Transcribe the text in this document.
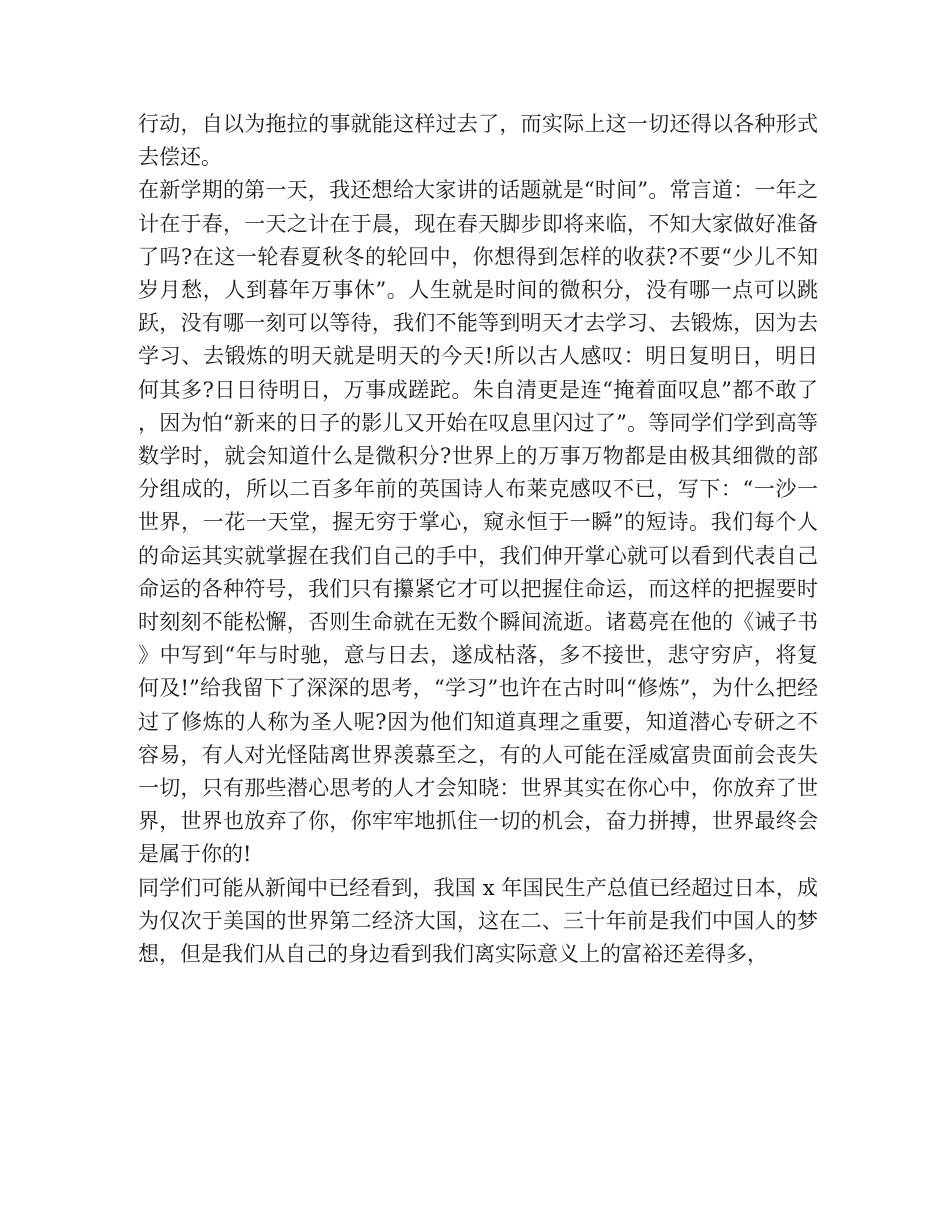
行动，自以为拖拉的事就能这样过去了，而实际上这一切还得以各种形式去偿还。

在新学期的第一天，我还想给大家讲的话题就是“时间”。常言道：一年之计在于春，一天之计在于晨，现在春天脚步即将来临，不知大家做好准备了吗?在这一轮春夏秋冬的轮回中，你想得到怎样的收获?不要“少儿不知岁月愁，人到暮年万事休”。人生就是时间的微积分，没有哪一点可以跳跃，没有哪一刻可以等待，我们不能等到明天才去学习、去锻炼，因为去学习、去锻炼的明天就是明天的今天!所以古人感叹：明日复明日，明日何其多?日日待明日，万事成蹉跎。朱自清更是连“掩着面叹息”都不敢了，因为怕“新来的日子的影儿又开始在叹息里闪过了”。等同学们学到高等数学时，就会知道什么是微积分?世界上的万事万物都是由极其细微的部分组成的，所以二百多年前的英国诗人布莱克感叹不已，写下：“一沙一世界，一花一天堂，握无穷于掌心，窥永恒于一瞬”的短诗。我们每个人的命运其实就掌握在我们自己的手中，我们伸开掌心就可以看到代表自己命运的各种符号，我们只有攥紧它才可以把握住命运，而这样的把握要时时刻刻不能松懈，否则生命就在无数个瞬间流逝。诸葛亮在他的《诫子书》中写到“年与时驰，意与日去，遂成枯落，多不接世，悲守穷庐，将复何及!”给我留下了深深的思考，“学习”也许在古时叫“修炼”，为什么把经过了修炼的人称为圣人呢?因为他们知道真理之重要，知道潜心专研之不容易，有人对光怪陆离世界羡慕至之，有的人可能在淫威富贵面前会丧失一切，只有那些潜心思考的人才会知晓：世界其实在你心中，你放弃了世界，世界也放弃了你，你牢牢地抓住一切的机会，奋力拼搏，世界最终会是属于你的!

同学们可能从新闻中已经看到，我国 x 年国民生产总值已经超过日本，成为仅次于美国的世界第二经济大国，这在二、三十年前是我们中国人的梦想，但是我们从自己的身边看到我们离实际意义上的富裕还差得多，
